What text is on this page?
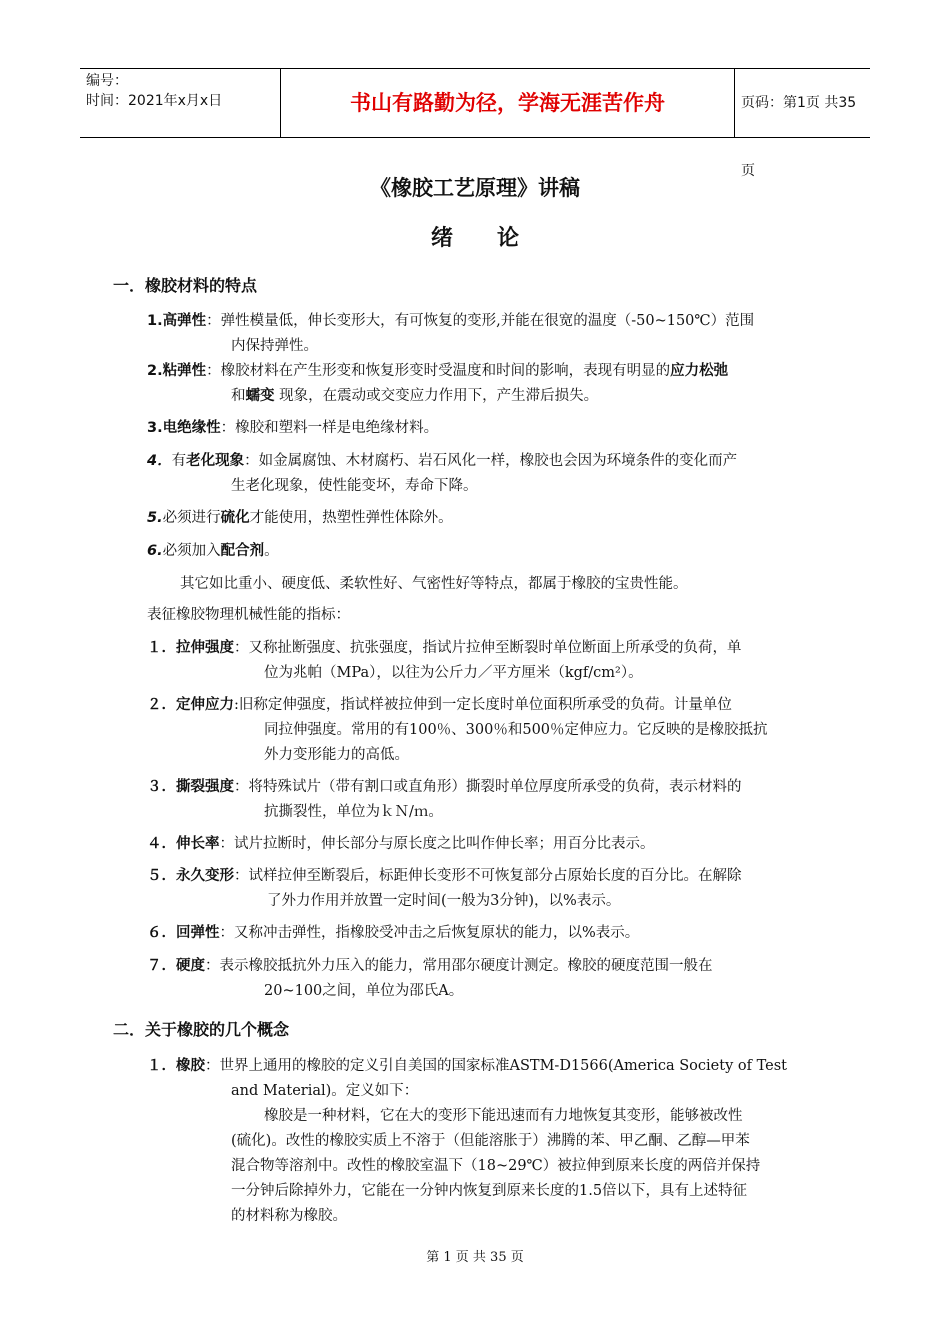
编号：
时间：2021年x月x日	书山有路勤为径，学海无涯苦作舟	页码：第1页 共35页
《橡胶工艺原理》讲稿
绪　　论
一．橡胶材料的特点
1.高弹性：弹性模量低，伸长变形大，有可恢复的变形,并能在很宽的温度（-50~150℃）范围
内保持弹性。
2.粘弹性：橡胶材料在产生形变和恢复形变时受温度和时间的影响，表现有明显的应力松弛
和蠕变 现象，在震动或交变应力作用下，产生滞后损失。
3.电绝缘性：橡胶和塑料一样是电绝缘材料。
4．有老化现象：如金属腐蚀、木材腐朽、岩石风化一样，橡胶也会因为环境条件的变化而产
生老化现象，使性能变坏，寿命下降。
5.必须进行硫化才能使用，热塑性弹性体除外。
6.必须加入配合剂。
其它如比重小、硬度低、柔软性好、气密性好等特点，都属于橡胶的宝贵性能。
表征橡胶物理机械性能的指标：
１．拉伸强度：又称扯断强度、抗张强度，指试片拉伸至断裂时单位断面上所承受的负荷，单
位为兆帕（MPa），以往为公斤力／平方厘米（kgf/cm²）。
２．定伸应力:旧称定伸强度，指试样被拉伸到一定长度时单位面积所承受的负荷。计量单位
同拉伸强度。常用的有100％、300％和500％定伸应力。它反映的是橡胶抵抗
外力变形能力的高低。
３．撕裂强度：将特殊试片（带有割口或直角形）撕裂时单位厚度所承受的负荷，表示材料的
抗撕裂性，单位为ｋＮ/ｍ。
４．伸长率：试片拉断时，伸长部分与原长度之比叫作伸长率；用百分比表示。
５．永久变形：试样拉伸至断裂后，标距伸长变形不可恢复部分占原始长度的百分比。在解除
了外力作用并放置一定时间(一般为3分钟)，以%表示。
６．回弹性：又称冲击弹性，指橡胶受冲击之后恢复原状的能力，以%表示。
７．硬度：表示橡胶抵抗外力压入的能力，常用邵尔硬度计测定。橡胶的硬度范围一般在
20~100之间，单位为邵氏A。
二．关于橡胶的几个概念
１．橡胶：世界上通用的橡胶的定义引自美国的国家标准ASTM-D1566(America Society of Test
and Material)。定义如下：
橡胶是一种材料，它在大的变形下能迅速而有力地恢复其变形，能够被改性
(硫化)。改性的橡胶实质上不溶于（但能溶胀于）沸腾的苯、甲乙酮、乙醇—甲苯
混合物等溶剂中。改性的橡胶室温下（18~29℃）被拉伸到原来长度的两倍并保持
一分钟后除掉外力，它能在一分钟内恢复到原来长度的1.5倍以下，具有上述特征
的材料称为橡胶。
第 1 页 共 35 页
